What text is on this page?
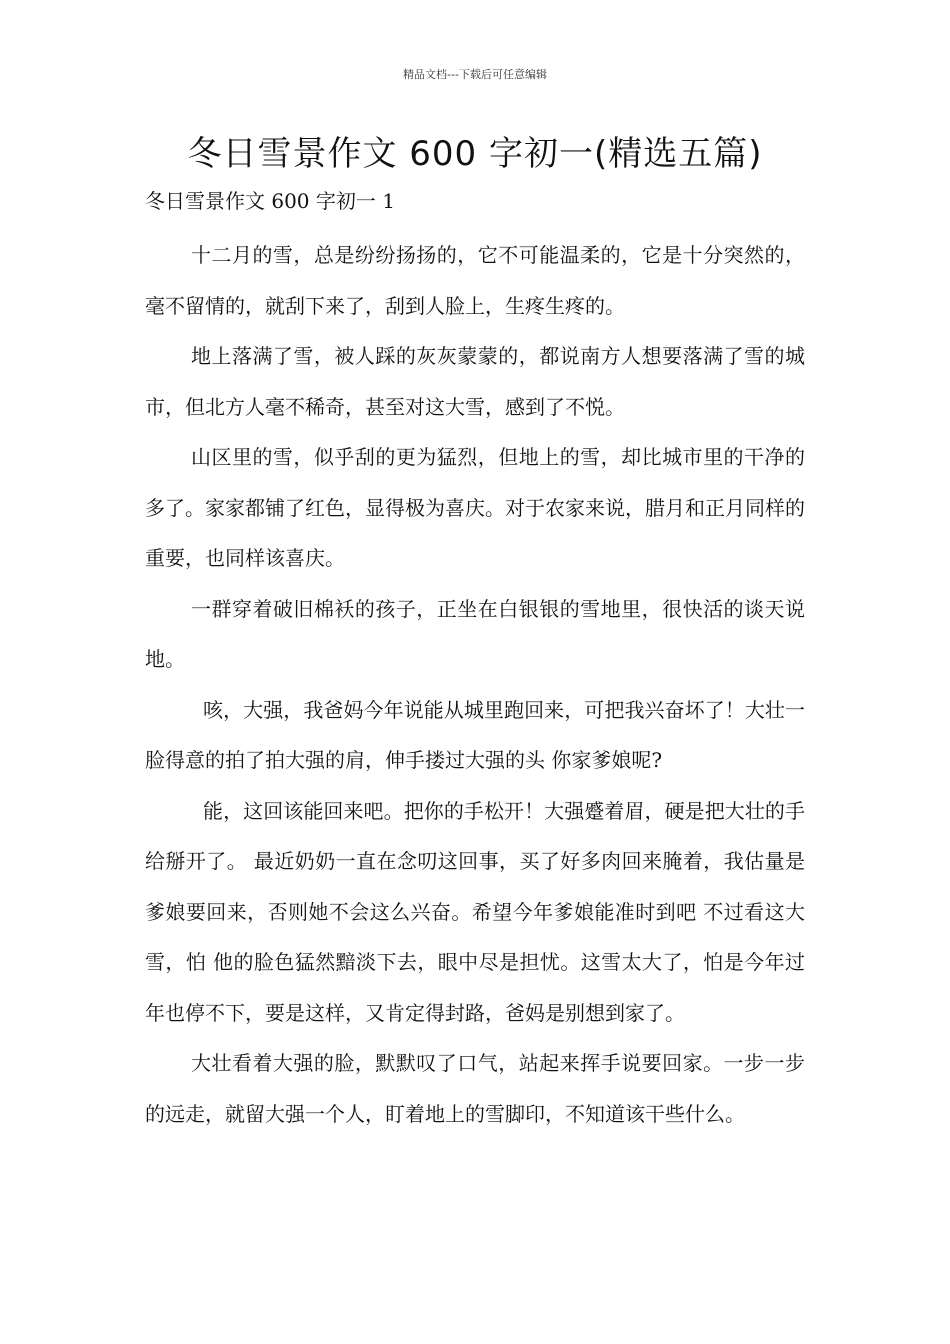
精品文档---下载后可任意编辑
冬日雪景作文 600 字初一(精选五篇)

冬日雪景作文 600 字初一 1

十二月的雪，总是纷纷扬扬的，它不可能温柔的，它是十分突然的，毫不留情的，就刮下来了，刮到人脸上，生疼生疼的。

地上落满了雪，被人踩的灰灰蒙蒙的，都说南方人想要落满了雪的城市，但北方人毫不稀奇，甚至对这大雪，感到了不悦。

山区里的雪，似乎刮的更为猛烈，但地上的雪，却比城市里的干净的多了。家家都铺了红色，显得极为喜庆。对于农家来说，腊月和正月同样的重要，也同样该喜庆。

一群穿着破旧棉袄的孩子，正坐在白银银的雪地里，很快活的谈天说地。

咳，大强，我爸妈今年说能从城里跑回来，可把我兴奋坏了！大壮一脸得意的拍了拍大强的肩，伸手搂过大强的头 你家爹娘呢?

能，这回该能回来吧。把你的手松开！大强蹙着眉，硬是把大壮的手给掰开了。 最近奶奶一直在念叨这回事，买了好多肉回来腌着，我估量是爹娘要回来，否则她不会这么兴奋。希望今年爹娘能准时到吧 不过看这大雪，怕 他的脸色猛然黯淡下去，眼中尽是担忧。这雪太大了，怕是今年过年也停不下，要是这样，又肯定得封路，爸妈是别想到家了。

大壮看着大强的脸，默默叹了口气，站起来挥手说要回家。一步一步的远走，就留大强一个人，盯着地上的雪脚印，不知道该干些什么。
